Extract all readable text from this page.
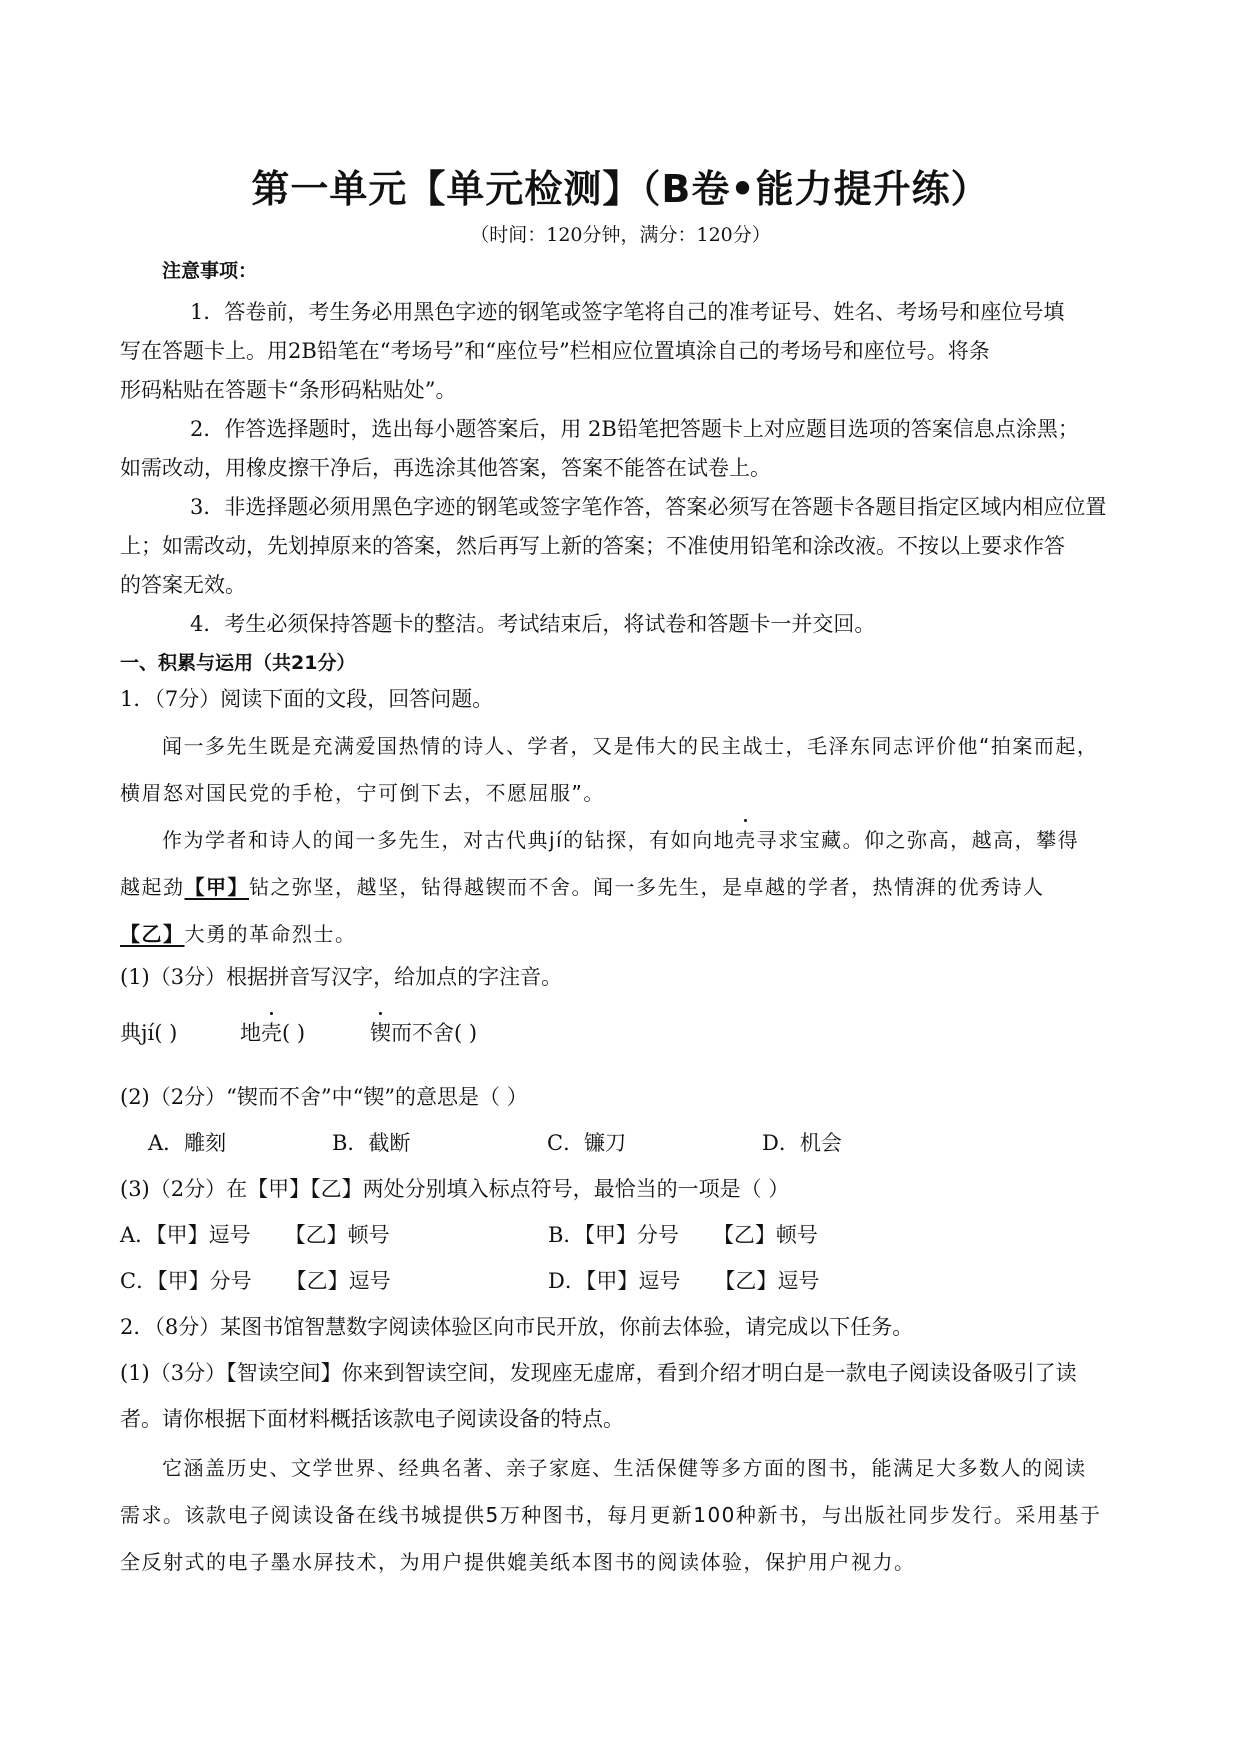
第一单元【单元检测】（B卷•能力提升练）
（时间：120分钟，满分：120分）
注意事项：
1．答卷前，考生务必用黑色字迹的钢笔或签字笔将自己的准考证号、姓名、考场号和座位号填
写在答题卡上。用2B铅笔在“考场号”和“座位号”栏相应位置填涂自己的考场号和座位号。将条
形码粘贴在答题卡“条形码粘贴处”。
2．作答选择题时，选出每小题答案后，用 2B铅笔把答题卡上对应题目选项的答案信息点涂黑；
如需改动，用橡皮擦干净后，再选涂其他答案，答案不能答在试卷上。
3．非选择题必须用黑色字迹的钢笔或签字笔作答，答案必须写在答题卡各题目指定区域内相应位置
上；如需改动，先划掉原来的答案，然后再写上新的答案；不准使用铅笔和涂改液。不按以上要求作答
的答案无效。
4．考生必须保持答题卡的整洁。考试结束后，将试卷和答题卡一并交回。
一、积累与运用（共21分）
1．（7分）阅读下面的文段，回答问题。
闻一多先生既是充满爱国热情的诗人、学者，又是伟大的民主战士，毛泽东同志评价他“拍案而起，
横眉怒对国民党的手枪，宁可倒下去，不愿屈服”。
作为学者和诗人的闻一多先生，对古代典jí的钻探，有如向地壳寻求宝藏。仰之弥高，越高，攀得
越起劲【甲】钻之弥坚，越坚，钻得越锲而不舍。闻一多先生，是卓越的学者，热情湃的优秀诗人
【乙】大勇的革命烈士。
(1)（3分）根据拼音写汉字，给加点的字注音。
典jí( )	地壳( )	锲而不舍( )
(2)（2分）“锲而不舍”中“锲”的意思是（ ）
A．雕刻	B．截断	C．镰刀	D．机会
(3)（2分）在【甲】【乙】两处分别填入标点符号，最恰当的一项是（ ）
A．【甲】逗号 【乙】顿号	B．【甲】分号 【乙】顿号
C．【甲】分号 【乙】逗号	D．【甲】逗号 【乙】逗号
2．（8分）某图书馆智慧数字阅读体验区向市民开放，你前去体验，请完成以下任务。
(1)（3分）【智读空间】你来到智读空间，发现座无虚席，看到介绍才明白是一款电子阅读设备吸引了读
者。请你根据下面材料概括该款电子阅读设备的特点。
它涵盖历史、文学世界、经典名著、亲子家庭、生活保健等多方面的图书，能满足大多数人的阅读
需求。该款电子阅读设备在线书城提供5万种图书，每月更新100种新书，与出版社同步发行。采用基于
全反射式的电子墨水屏技术，为用户提供媲美纸本图书的阅读体验，保护用户视力。
